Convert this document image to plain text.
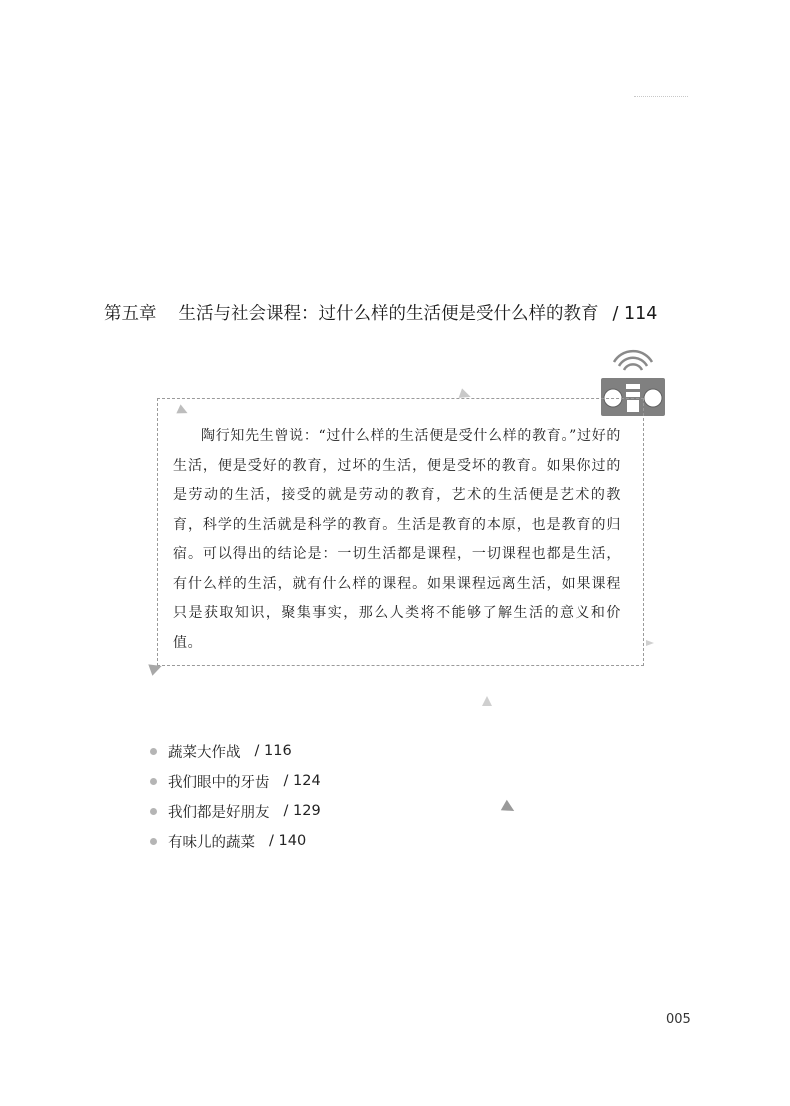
第五章 生活与社会课程：过什么样的生活便是受什么样的教育 / 114
陶行知先生曾说：“过什么样的生活便是受什么样的教育。”过好的生活，便是受好的教育，过坏的生活，便是受坏的教育。如果你过的是劳动的生活，接受的就是劳动的教育，艺术的生活便是艺术的教育，科学的生活就是科学的教育。生活是教育的本原，也是教育的归宿。可以得出的结论是：一切生活都是课程，一切课程也都是生活，有什么样的生活，就有什么样的课程。如果课程远离生活，如果课程只是获取知识，聚集事实，那么人类将不能够了解生活的意义和价值。
蔬菜大作战 / 116
我们眼中的牙齿 / 124
我们都是好朋友 / 129
有味儿的蔬菜 / 140
005
